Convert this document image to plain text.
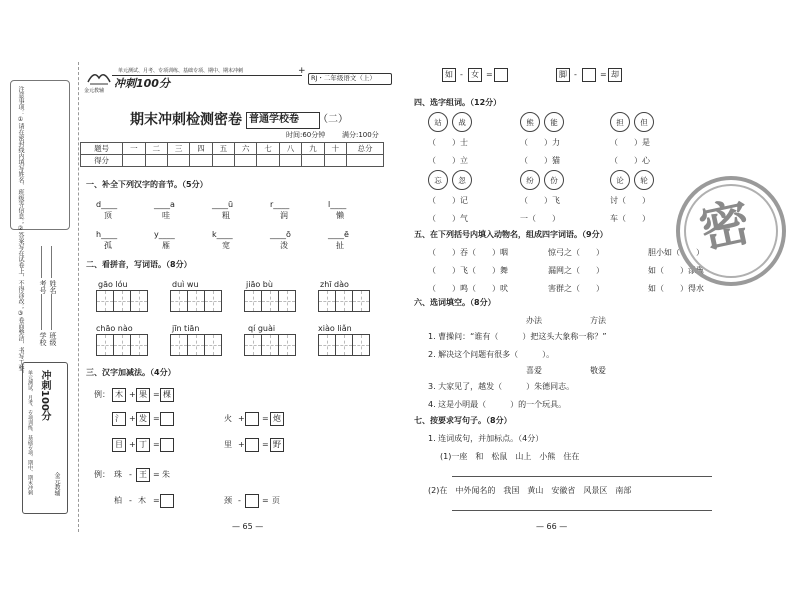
注意事项：①请在密封线内填写姓名、班级等信息；②答案写在试卷上，不得涂改；③卷面整洁，书写工整。 学校 班级
姓名
考号
冲刺100分
单元测试、月考、专项训练、基础专项、期中、期末冲刺	金元教辅
金元教辅
冲刺100分
单元测试、月考、专项训练、基础专项、期中、期末冲刺	+
RJ・二年级语文（上）
期末冲刺检测密卷 普通学校卷 （二）
时间:60分钟 满分:100分
题号	一	二	三	四	五	六	七	八	九	十	总分
得分											
一、补全下列汉字的音节。（5分）
d____
顶
____a
哇
____ū
粗
r____
润
l____
懒
h____
孤
y____
雁
k____
宽
____ō
泼
____ē
扯
二、看拼音，写词语。（8分）
gāo lóu	duì wu	jiāo bù	zhī dào
chāo nào	jīn tiān	qí guài	xiào liǎn
三、汉字加减法。（4分）
例： 木 + 果 = 棵
氵 + 发 =	火 + = 炮
目 + 丁 =	里 + = 野
例： 珠 - 王 = 朱
柏 - 木 =	颈 -	= 页
— 65 —
如 - 女 =	脚 -	= 却
四、选字组词。（12分）
站	战	熊	能	担	但
（　　）士	（　　）力	（　　）是
（　　）立	（　　）猫	（　　）心
忘	忽	纷	份	论	轮
（　　）记	（　　）飞	讨（　　）
（　　）气	一（　　）	车（　　）
五、在下列括号内填入动物名，组成四字词语。（9分）
（　　）吞（　　）咽	惊弓之（　　）	胆小如（　　）
（　　）飞（　　）舞	漏网之（　　）	如（　　）添翼
（　　）鸣（　　）吠	害群之（　　）	如（　　）得水
六、选词填空。（8分）
办法	方法
1. 曹操问：“谁有（　　　）把这头大象称一称？”
2. 解决这个问题有很多（　　　）。
喜爱	敬爱
3. 大家见了，越发（　　　）朱德同志。
4. 这是小明最（　　　）的一个玩具。
七、按要求写句子。（8分）
1. 连词成句，并加标点。（4分）
(1)一座　和　松鼠　山上　小熊　住在
(2)在　中外闻名的　我国　黄山　安徽省　风景区　南部
— 66 —
密
